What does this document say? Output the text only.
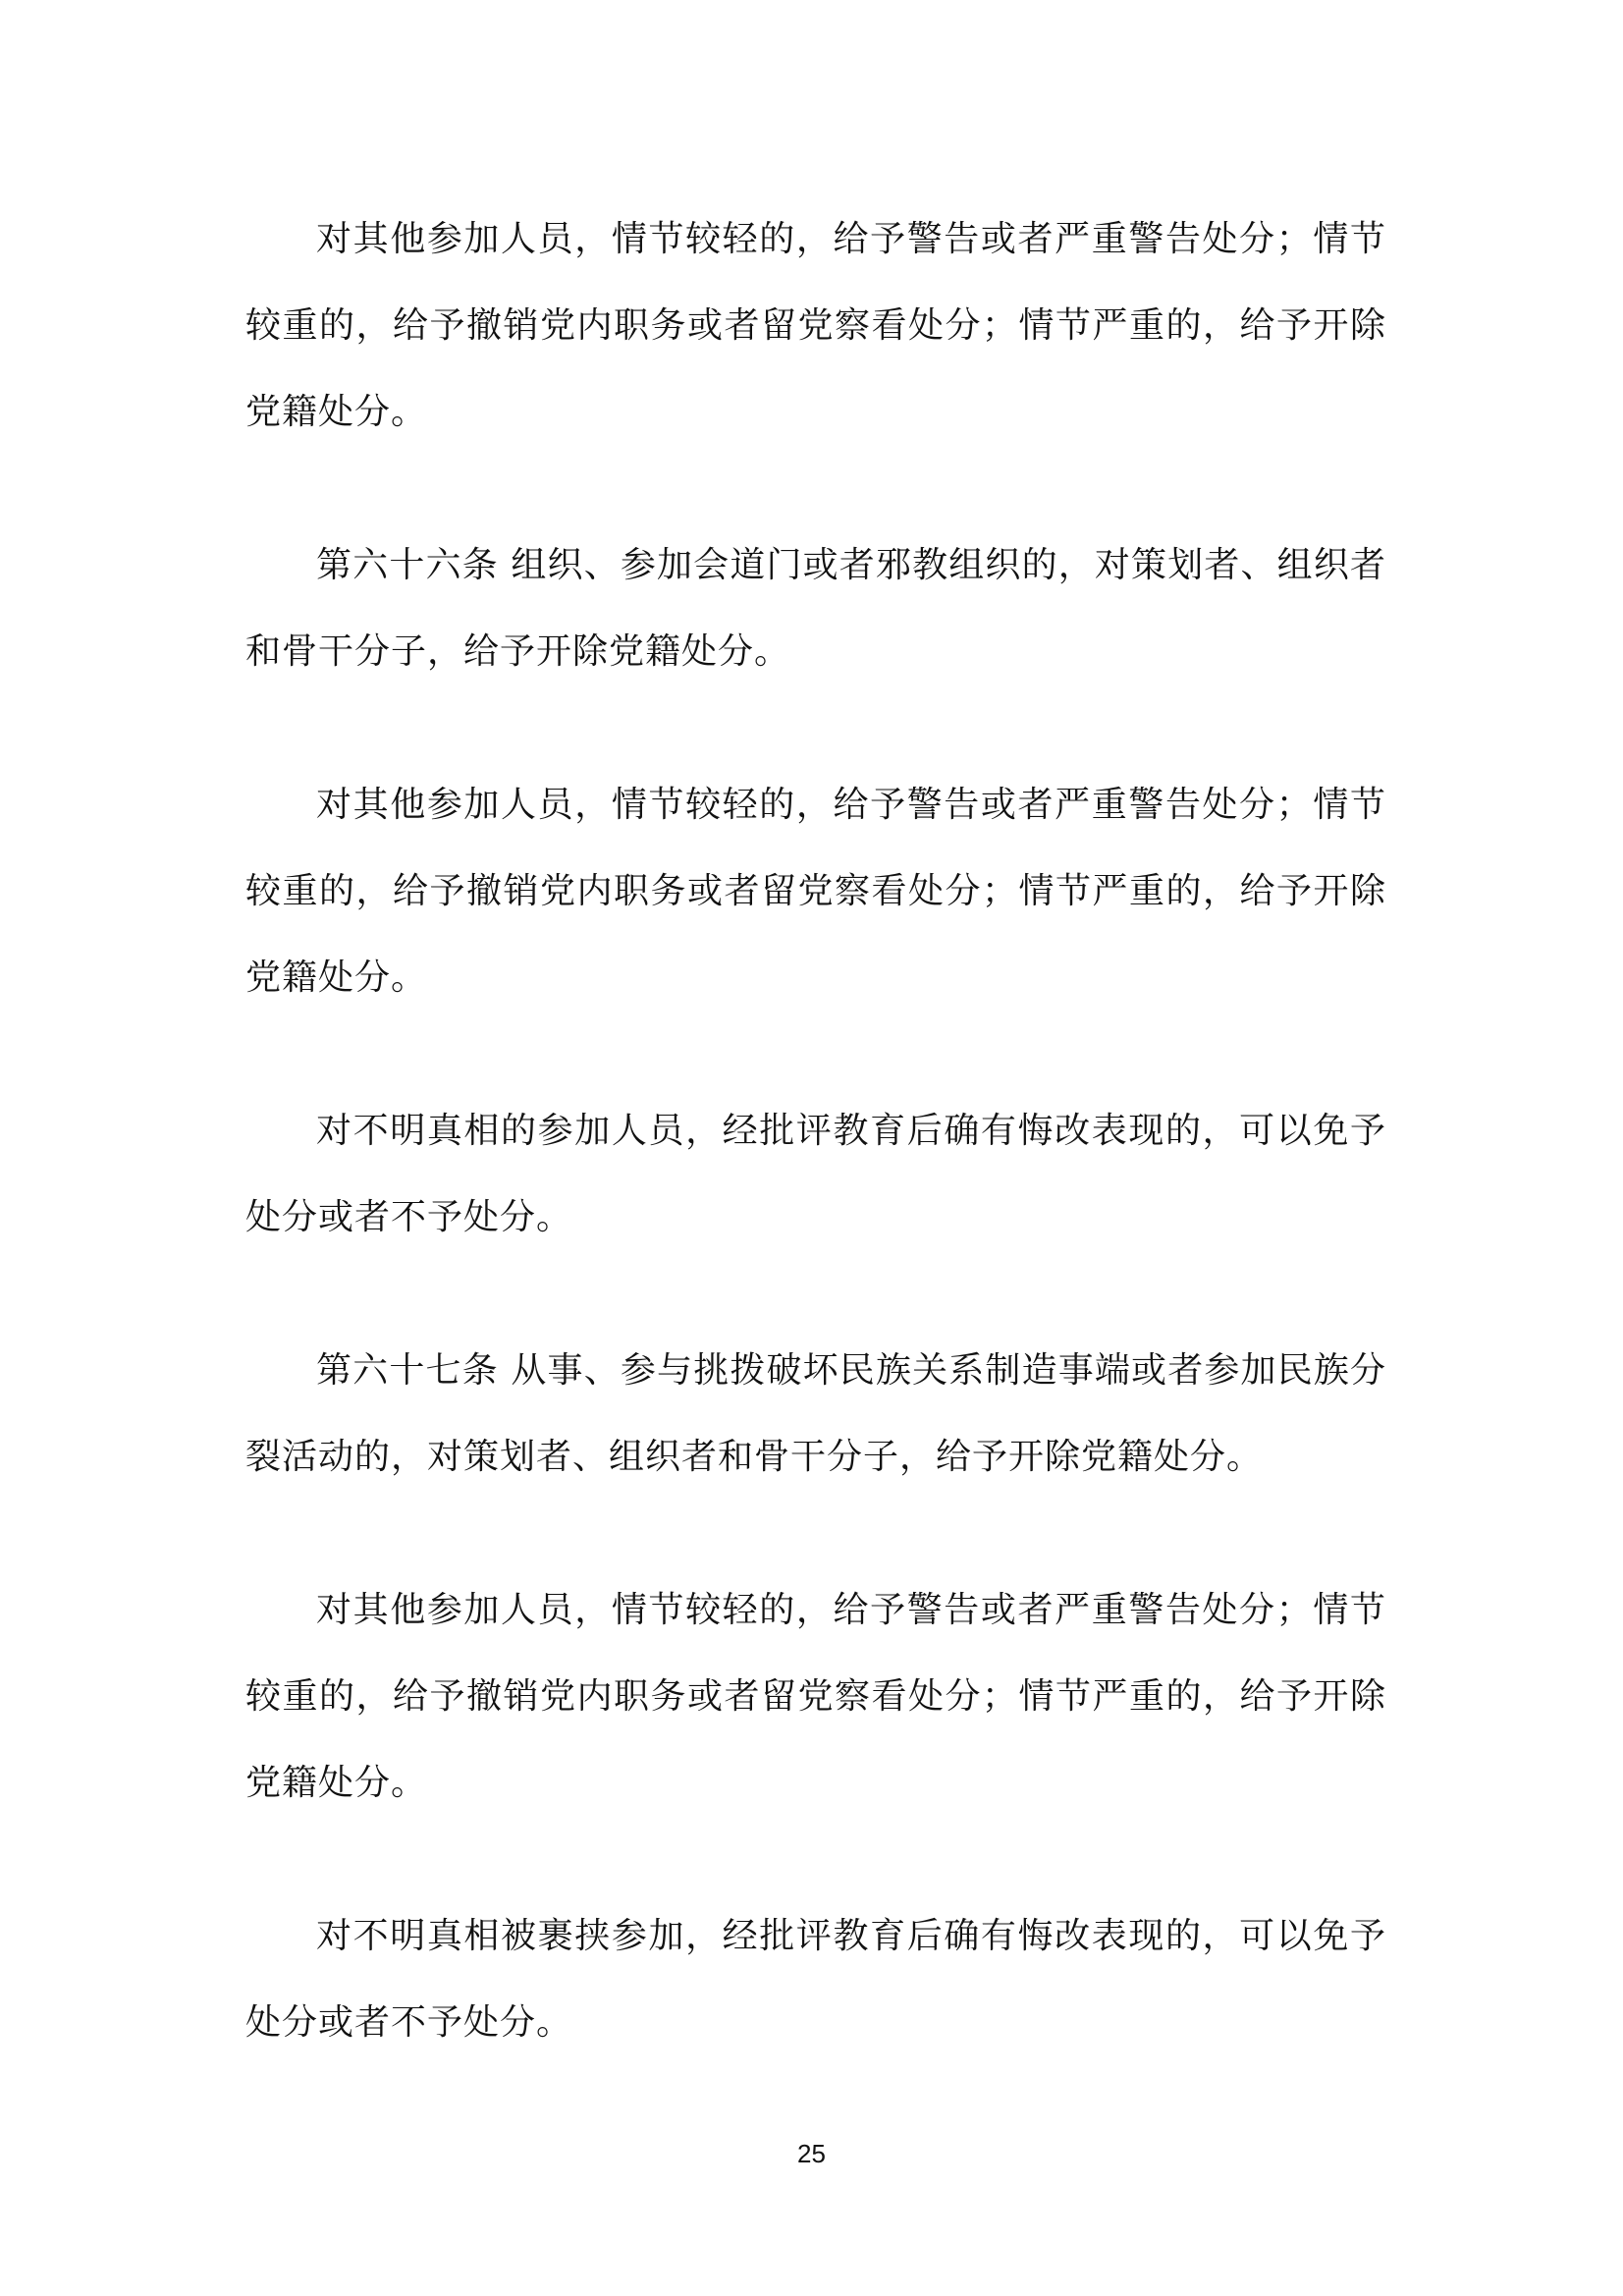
对其他参加人员，情节较轻的，给予警告或者严重警告处分；情节较重的，给予撤销党内职务或者留党察看处分；情节严重的，给予开除党籍处分。

第六十六条 组织、参加会道门或者邪教组织的，对策划者、组织者和骨干分子，给予开除党籍处分。

对其他参加人员，情节较轻的，给予警告或者严重警告处分；情节较重的，给予撤销党内职务或者留党察看处分；情节严重的，给予开除党籍处分。

对不明真相的参加人员，经批评教育后确有悔改表现的，可以免予处分或者不予处分。

第六十七条 从事、参与挑拨破坏民族关系制造事端或者参加民族分裂活动的，对策划者、组织者和骨干分子，给予开除党籍处分。

对其他参加人员，情节较轻的，给予警告或者严重警告处分；情节较重的，给予撤销党内职务或者留党察看处分；情节严重的，给予开除党籍处分。

对不明真相被裹挟参加，经批评教育后确有悔改表现的，可以免予处分或者不予处分。

25
